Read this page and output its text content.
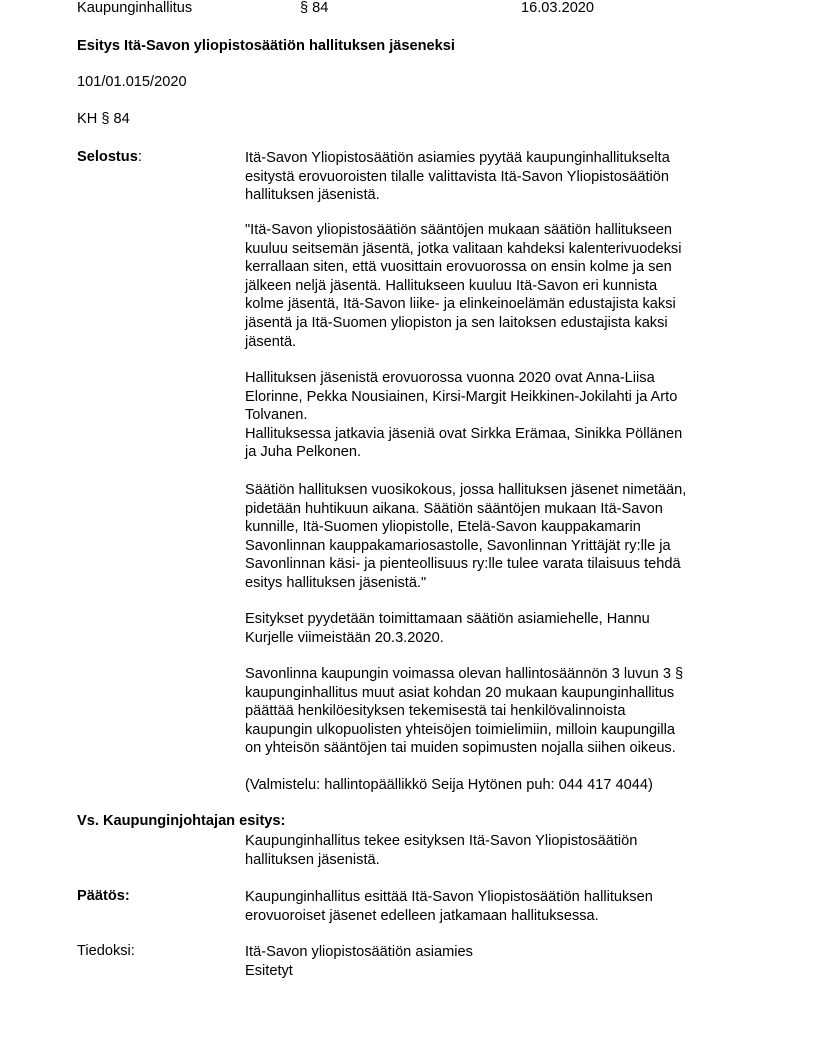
Kaupunginhallitus	§ 84	16.03.2020
Esitys Itä-Savon yliopistosäätiön hallituksen jäseneksi
101/01.015/2020
KH § 84
Selostus:	Itä-Savon Yliopistosäätiön asiamies pyytää kaupunginhallitukselta
esitystä erovuoroisten tilalle valittavista Itä-Savon Yliopistosäätiön
hallituksen jäsenistä.

"Itä-Savon yliopistosäätiön sääntöjen mukaan säätiön hallitukseen
kuuluu seitsemän jäsentä, jotka valitaan kahdeksi kalenterivuodeksi
kerrallaan siten, että vuosittain erovuorossa on ensin kolme ja sen
jälkeen neljä jäsentä. Hallitukseen kuuluu Itä-Savon eri kunnista
kolme jäsentä, Itä-Savon liike- ja elinkeinoelämän edustajista kaksi
jäsentä ja Itä-Suomen yliopiston ja sen laitoksen edustajista kaksi
jäsentä.

Hallituksen jäsenistä erovuorossa vuonna 2020 ovat Anna-Liisa
Elorinne, Pekka Nousiainen, Kirsi-Margit Heikkinen-Jokilahti ja Arto
Tolvanen.
Hallituksessa jatkavia jäseniä ovat Sirkka Erämaa, Sinikka Pöllänen
ja Juha Pelkonen.

Säätiön hallituksen vuosikokous, jossa hallituksen jäsenet nimetään,
pidetään huhtikuun aikana. Säätiön sääntöjen mukaan Itä-Savon
kunnille, Itä-Suomen yliopistolle, Etelä-Savon kauppakamarin
Savonlinnan kauppakamariosastolle, Savonlinnan Yrittäjät ry:lle ja
Savonlinnan käsi- ja pienteollisuus ry:lle tulee varata tilaisuus tehdä
esitys hallituksen jäsenistä."

Esitykset pyydetään toimittamaan säätiön asiamiehelle, Hannu
Kurjelle viimeistään 20.3.2020.

Savonlinna kaupungin voimassa olevan hallintosäännön 3 luvun 3 §
kaupunginhallitus muut asiat kohdan 20 mukaan kaupunginhallitus
päättää henkilöesityksen tekemisestä tai henkilövalinnoista
kaupungin ulkopuolisten yhteisöjen toimielimiin, milloin kaupungilla
on yhteisön sääntöjen tai muiden sopimusten nojalla siihen oikeus.

(Valmistelu: hallintopäällikkö Seija Hytönen puh: 044 417 4044)

Vs. Kaupunginjohtajan esitys:

Kaupunginhallitus tekee esityksen Itä-Savon Yliopistosäätiön
hallituksen jäsenistä.

Päätös:	Kaupunginhallitus esittää Itä-Savon Yliopistosäätiön hallituksen
erovuoroiset jäsenet edelleen jatkamaan hallituksessa.

Tiedoksi:	Itä-Savon yliopistosäätiön asiamies
Esitetyt
